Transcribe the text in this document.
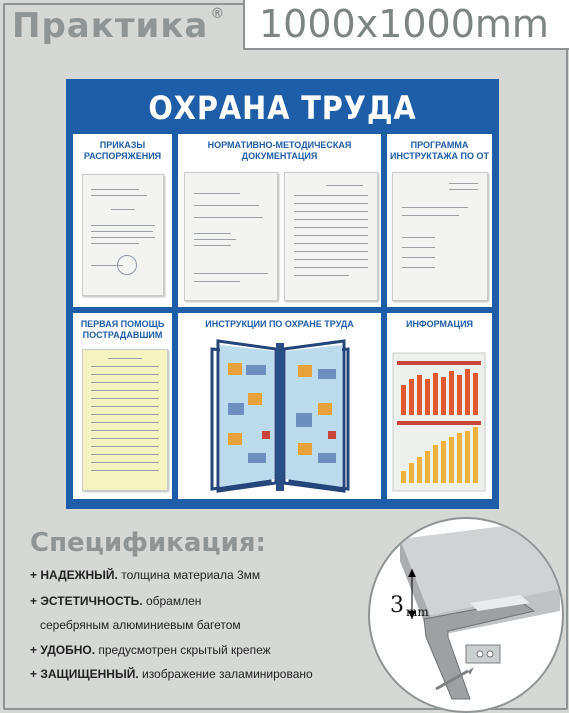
Практика ® 1000x1000mm
ОХРАНА ТРУДА
ПРИКАЗЫ
РАСПОРЯЖЕНИЯ
НОРМАТИВНО-МЕТОДИЧЕСКАЯ
ДОКУМЕНТАЦИЯ
ПРОГРАММА
ИНСТРУКТАЖА ПО ОТ
ПЕРВАЯ ПОМОЩЬ
ПОСТРАДАВШИМ
ИНСТРУКЦИИ ПО ОХРАНЕ ТРУДА	ИНФОРМАЦИЯ
Спецификация:
+ НАДЕЖНЫЙ. толщина материала 3мм
+ ЭСТЕТИЧНОСТЬ. обрамлен
серебряным алюминиевым багетом
+ УДОБНО. предусмотрен скрытый крепеж
+ ЗАЩИЩЕННЫЙ. изображение заламинировано
3 mm
